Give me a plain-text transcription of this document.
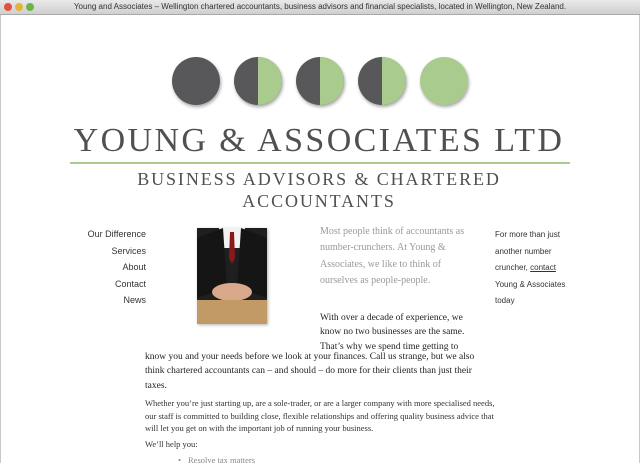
Young and Associates – Wellington chartered accountants, business advisors and financial specialists, located in Wellington, New Zealand.
YOUNG & ASSOCIATES LTD
BUSINESS ADVISORS & CHARTERED ACCOUNTANTS
Our Difference
Services
About
Contact
News
Most people think of accountants as number-crunchers. At Young & Associates, we like to think of ourselves as people-people.
For more than just another number cruncher, contact Young & Associates today
With over a decade of experience, we know no two businesses are the same. That’s why we spend time getting to
know you and your needs before we look at your finances. Call us strange, but we also think chartered accountants can – and should – do more for their clients than just their taxes.
Whether you’re just starting up, are a sole-trader, or are a larger company with more specialised needs, our staff is committed to building close, flexible relationships and offering quality business advice that will let you get on with the important job of running your business.
We’ll help you:
• Resolve tax matters
